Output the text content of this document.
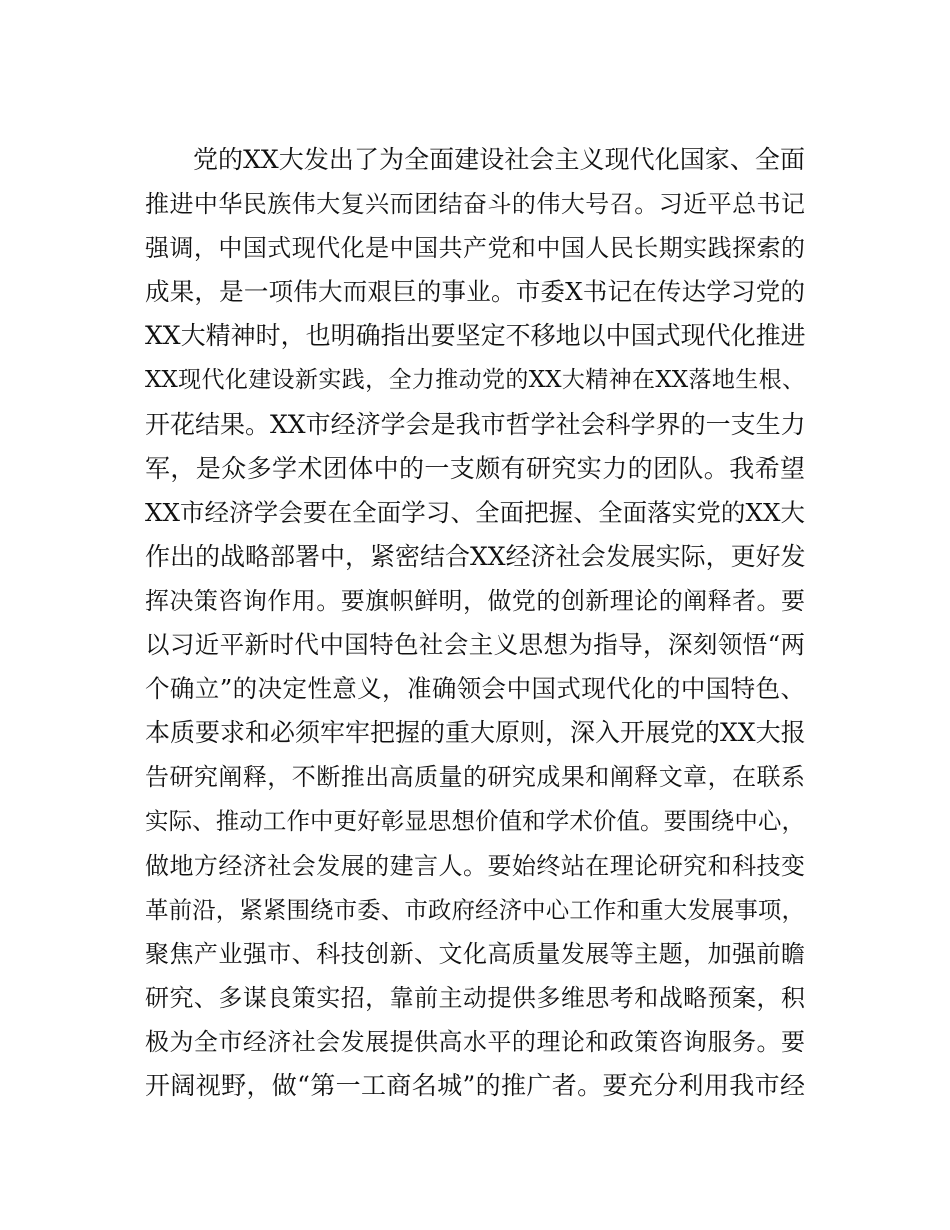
党的XX大发出了为全面建设社会主义现代化国家、全面
推进中华民族伟大复兴而团结奋斗的伟大号召。习近平总书记
强调，中国式现代化是中国共产党和中国人民长期实践探索的
成果，是一项伟大而艰巨的事业。市委X书记在传达学习党的
XX大精神时，也明确指出要坚定不移地以中国式现代化推进
XX现代化建设新实践，全力推动党的XX大精神在XX落地生根、
开花结果。XX市经济学会是我市哲学社会科学界的一支生力
军，是众多学术团体中的一支颇有研究实力的团队。我希望
XX市经济学会要在全面学习、全面把握、全面落实党的XX大
作出的战略部署中，紧密结合XX经济社会发展实际，更好发
挥决策咨询作用。要旗帜鲜明，做党的创新理论的阐释者。要
以习近平新时代中国特色社会主义思想为指导，深刻领悟“两
个确立”的决定性意义，准确领会中国式现代化的中国特色、
本质要求和必须牢牢把握的重大原则，深入开展党的XX大报
告研究阐释，不断推出高质量的研究成果和阐释文章，在联系
实际、推动工作中更好彰显思想价值和学术价值。要围绕中心，
做地方经济社会发展的建言人。要始终站在理论研究和科技变
革前沿，紧紧围绕市委、市政府经济中心工作和重大发展事项，
聚焦产业强市、科技创新、文化高质量发展等主题，加强前瞻
研究、多谋良策实招，靠前主动提供多维思考和战略预案，积
极为全市经济社会发展提供高水平的理论和政策咨询服务。要
开阔视野，做“第一工商名城”的推广者。要充分利用我市经
